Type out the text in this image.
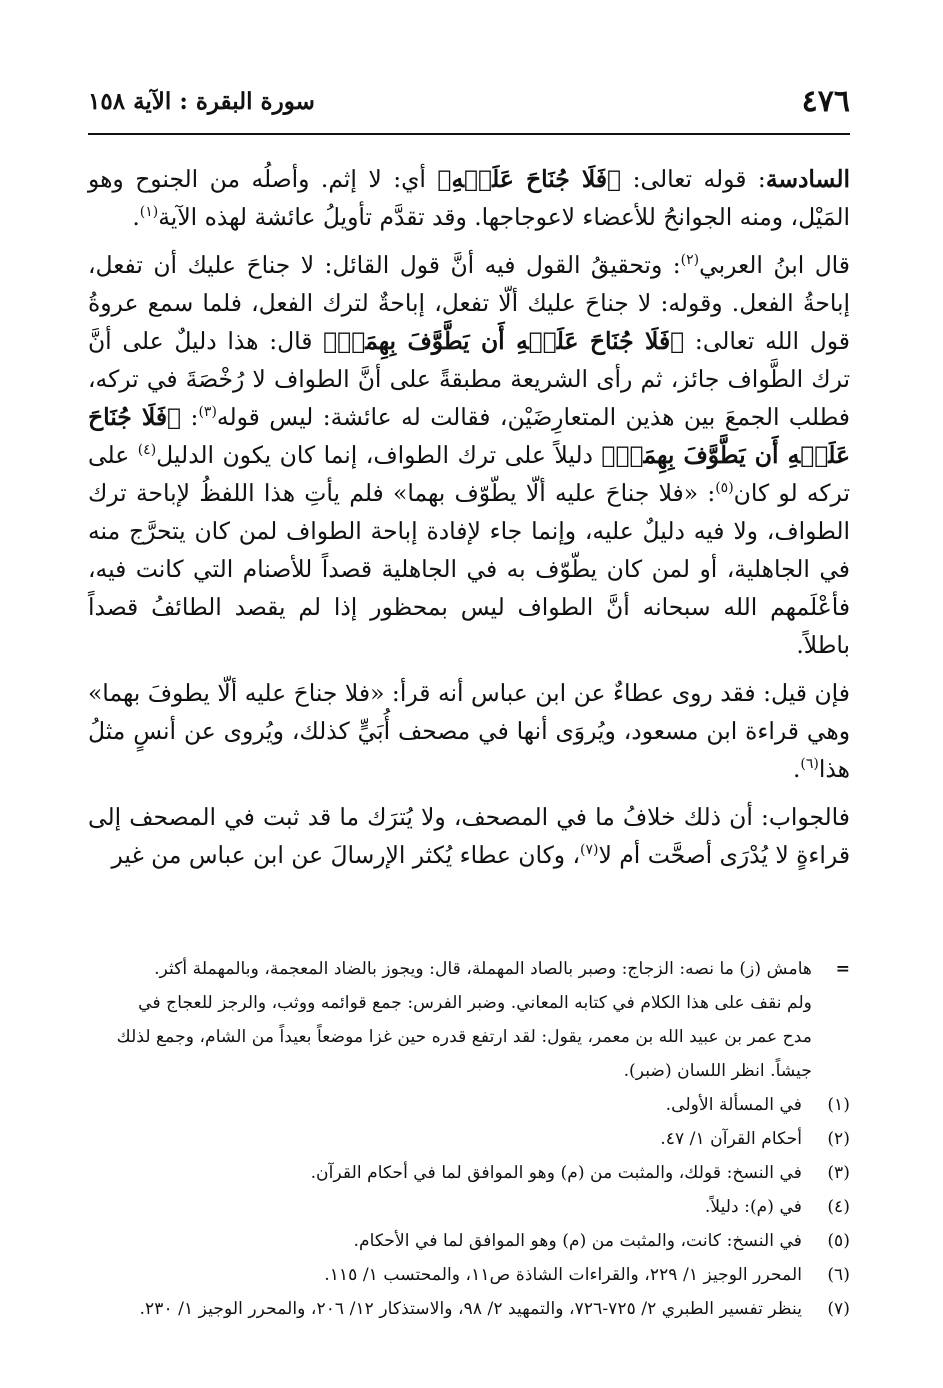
٤٧٦
سورة البقرة : الآية ١٥٨

السادسة: قوله تعالى: ﴿فَلَا جُنَاحَ عَلَيۡهِ﴾ أي: لا إثم. وأصلُه من الجنوح وهو المَيْل، ومنه الجوانحُ للأعضاء لاعوجاجها. وقد تقدَّم تأويلُ عائشة لهذه الآية$^{(١)}$.

قال ابنُ العربي$^{(٢)}$: وتحقيقُ القول فيه أنَّ قول القائل: لا جناحَ عليك أن تفعل، إباحةُ الفعل. وقوله: لا جناحَ عليك ألّا تفعل، إباحةٌ لترك الفعل، فلما سمع عروةُ قول الله تعالى: ﴿فَلَا جُنَاحَ عَلَيۡهِ أَن يَطَّوَّفَ بِهِمَاۚ﴾ قال: هذا دليلٌ على أنَّ ترك الطَّواف جائز، ثم رأى الشريعة مطبقةً على أنَّ الطواف لا رُخْصَةَ في تركه، فطلب الجمعَ بين هذين المتعارِضَيْن، فقالت له عائشة: ليس قوله$^{(٣)}$: ﴿فَلَا جُنَاحَ عَلَيۡهِ أَن يَطَّوَّفَ بِهِمَاۚ﴾ دليلاً على ترك الطواف، إنما كان يكون الدليل$^{(٤)}$ على تركه لو كان$^{(٥)}$: «فلا جناحَ عليه ألّا يطّوّف بهما» فلم يأتِ هذا اللفظُ لإباحة ترك الطواف، ولا فيه دليلٌ عليه، وإنما جاء لإفادة إباحة الطواف لمن كان يتحرَّج منه في الجاهلية، أو لمن كان يطّوّف به في الجاهلية قصداً للأصنام التي كانت فيه، فأعْلَمهم الله سبحانه أنَّ الطواف ليس بمحظور إذا لم يقصد الطائفُ قصداً باطلاً.

فإن قيل: فقد روى عطاءٌ عن ابن عباس أنه قرأ: «فلا جناحَ عليه ألّا يطوفَ بهما» وهي قراءة ابن مسعود، ويُروَى أنها في مصحف أُبَيٍّ كذلك، ويُروى عن أنسٍ مثلُ هذا$^{(٦)}$.

فالجواب: أن ذلك خلافُ ما في المصحف، ولا يُترَك ما قد ثبت في المصحف إلى قراءةٍ لا يُدْرَى أصحَّت أم لا$^{(٧)}$، وكان عطاء يُكثر الإرسالَ عن ابن عباس من غير

=
هامش (ز) ما نصه: الزجاج: وصبر بالصاد المهملة، قال: ويجوز بالضاد المعجمة، وبالمهملة أكثر.
ولم نقف على هذا الكلام في كتابه المعاني. وضبر الفرس: جمع قوائمه ووثب، والرجز للعجاج في
مدح عمر بن عبيد الله بن معمر، يقول: لقد ارتفع قدره حين غزا موضعاً بعيداً من الشام، وجمع لذلك
جيشاً. انظر اللسان (ضبر).
(١)
في المسألة الأولى.
(٢)
أحكام القرآن ١/ ٤٧.
(٣)
في النسخ: قولك، والمثبت من (م) وهو الموافق لما في أحكام القرآن.
(٤)
في (م): دليلاً.
(٥)
في النسخ: كانت، والمثبت من (م) وهو الموافق لما في الأحكام.
(٦)
المحرر الوجيز ١/ ٢٢٩، والقراءات الشاذة ص١١، والمحتسب ١/ ١١٥.
(٧)
ينظر تفسير الطبري ٢/ ٧٢٥-٧٢٦، والتمهيد ٢/ ٩٨، والاستذكار ١٢/ ٢٠٦، والمحرر الوجيز ١/ ٢٣٠.
